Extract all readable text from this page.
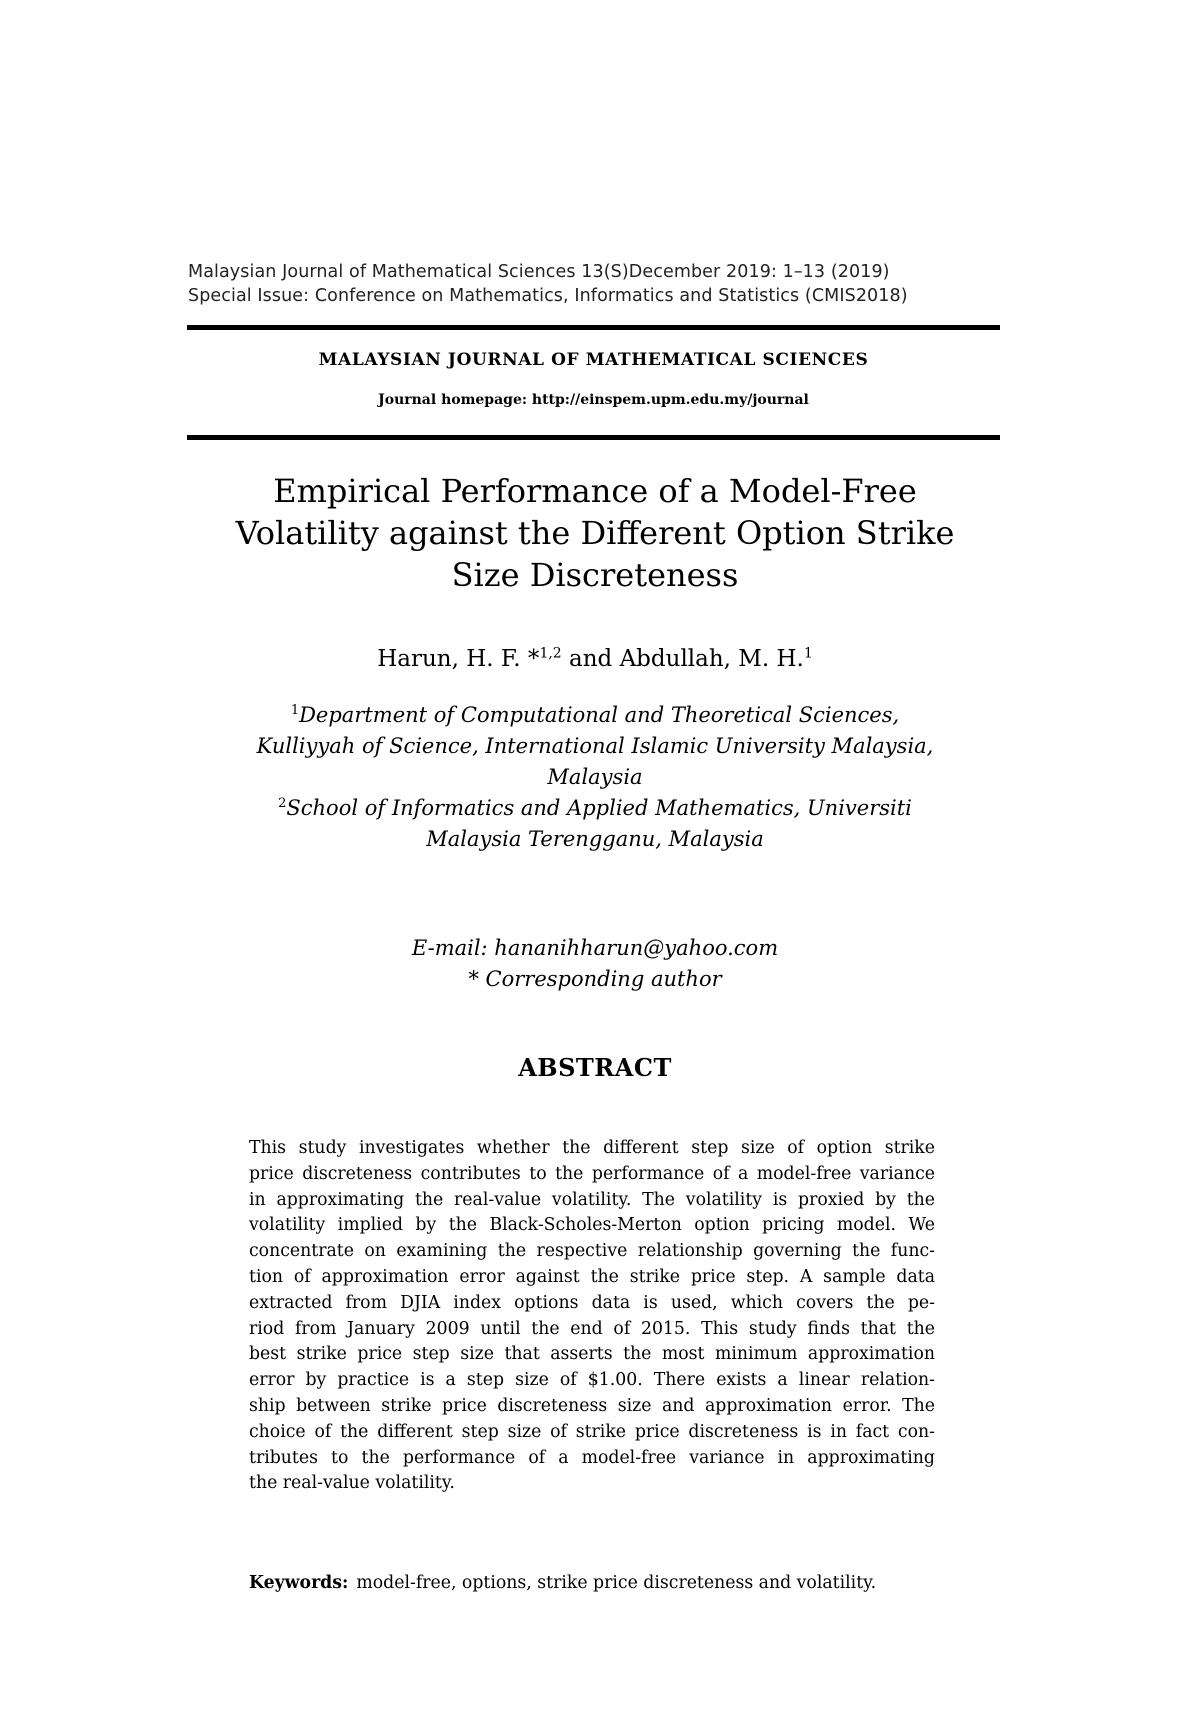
Malaysian Journal of Mathematical Sciences 13(S)December 2019: 1–13 (2019)
Special Issue: Conference on Mathematics, Informatics and Statistics (CMIS2018)
MALAYSIAN JOURNAL OF MATHEMATICAL SCIENCES
Journal homepage: http://einspem.upm.edu.my/journal
Empirical Performance of a Model-Free
Volatility against the Different Option Strike
Size Discreteness
Harun, H. F. *$^{1,2}$ and Abdullah, M. H.$^1$
$^1$Department of Computational and Theoretical Sciences,
Kulliyyah of Science, International Islamic University Malaysia,
Malaysia
$^2$School of Informatics and Applied Mathematics, Universiti
Malaysia Terengganu, Malaysia
E-mail: hananihharun@yahoo.com
* Corresponding author
ABSTRACT
This study investigates whether the different step size of option strike
price discreteness contributes to the performance of a model-free variance
in approximating the real-value volatility. The volatility is proxied by the
volatility implied by the Black-Scholes-Merton option pricing model. We
concentrate on examining the respective relationship governing the func-
tion of approximation error against the strike price step. A sample data
extracted from DJIA index options data is used, which covers the pe-
riod from January 2009 until the end of 2015. This study finds that the
best strike price step size that asserts the most minimum approximation
error by practice is a step size of $1.00. There exists a linear relation-
ship between strike price discreteness size and approximation error. The
choice of the different step size of strike price discreteness is in fact con-
tributes to the performance of a model-free variance in approximating
the real-value volatility.
Keywords: model-free, options, strike price discreteness and volatility.
